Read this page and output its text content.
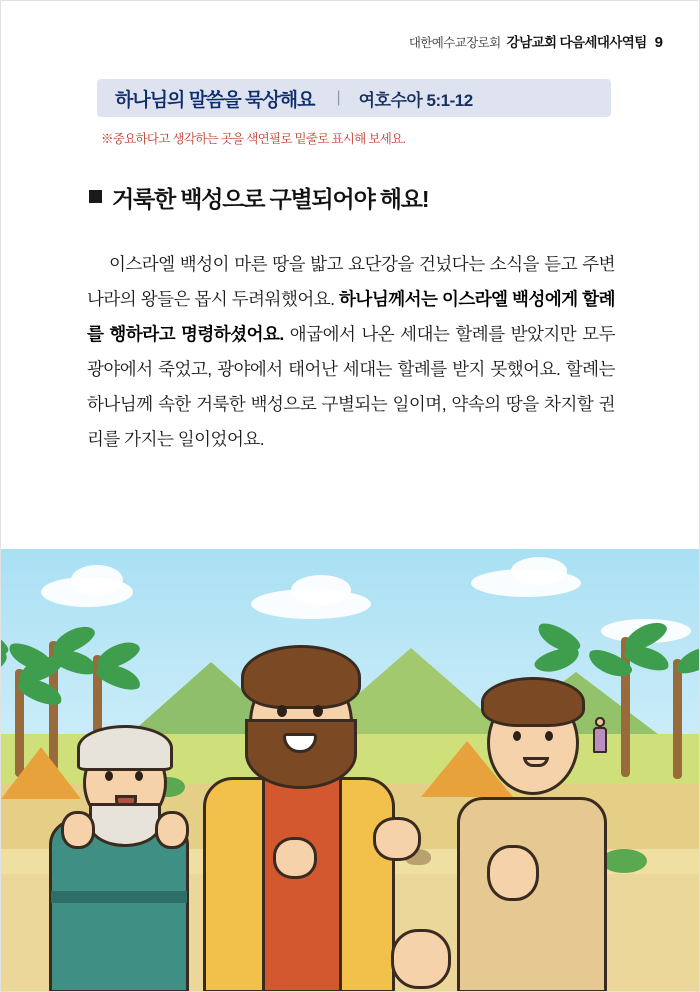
대한예수교장로회 강남교회 다음세대사역팀 9
하나님의 말씀을 묵상해요 | 여호수아 5:1-12
※중요하다고 생각하는 곳을 색연필로 밑줄로 표시해 보세요.
거룩한 백성으로 구별되어야 해요!

이스라엘 백성이 마른 땅을 밟고 요단강을 건넜다는 소식을 듣고 주변 나라의 왕들은 몹시 두려워했어요. 하나님께서는 이스라엘 백성에게 할례를 행하라고 명령하셨어요. 애굽에서 나온 세대는 할례를 받았지만 모두 광야에서 죽었고, 광야에서 태어난 세대는 할례를 받지 못했어요. 할례는 하나님께 속한 거룩한 백성으로 구별되는 일이며, 약속의 땅을 차지할 권리를 가지는 일이었어요.
